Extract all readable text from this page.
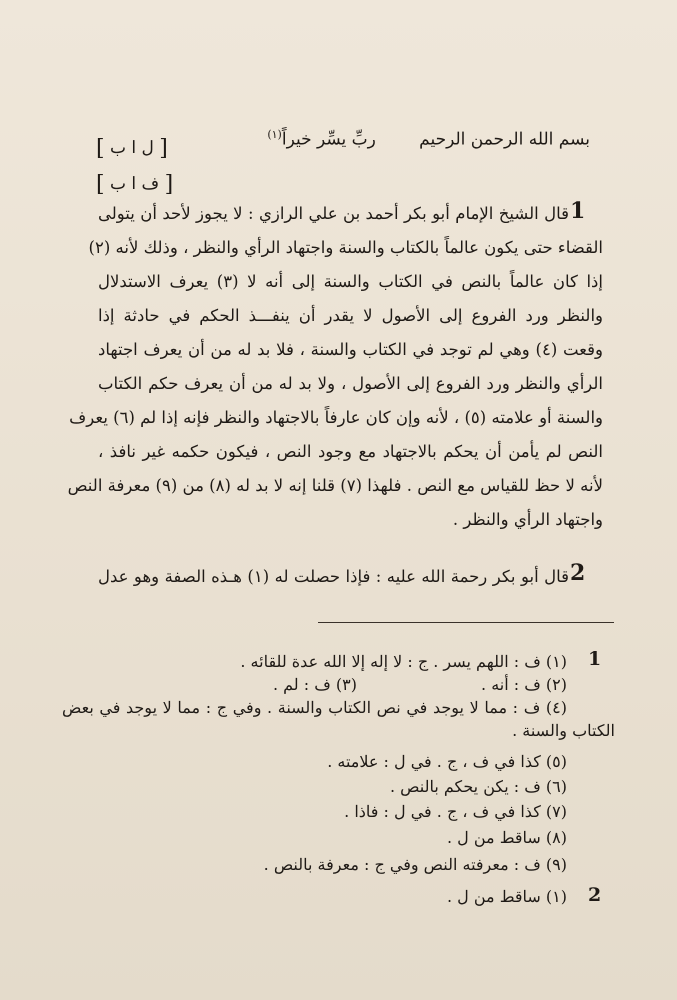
بسم الله الرحمن الرحيم        ربِّ يسِّر خيراً$^{(١)}$
[ ل ا ب ]
[ ف ا ب ]
1
قال الشيخ الإمام أبو بكر أحمد بن علي الرازي : لا يجوز لأحد أن يتولى
القضاء حتى يكون عالماً بالكتاب والسنة واجتهاد الرأي والنظر ، وذلك لأنه (٢)
إذا كان عالماً بالنص في الكتاب والسنة إلى أنه لا (٣) يعرف الاستدلال
والنظر ورد الفروع إلى الأصول لا يقدر أن ينفـــذ الحكم في حادثة إذا
وقعت (٤) وهي لم توجد في الكتاب والسنة ، فلا بد له من أن يعرف اجتهاد
الرأي والنظر ورد الفروع إلى الأصول ، ولا بد له من أن يعرف حكم الكتاب
والسنة أو علامته (٥) ، لأنه وإن كان عارفاً بالاجتهاد والنظر فإنه إذا لم (٦) يعرف
النص لم يأمن أن يحكم بالاجتهاد مع وجود النص ، فيكون حكمه غير نافذ ،
لأنه لا حظ للقياس مع النص . فلهذا (٧) قلنا إنه لا بد له (٨) من (٩) معرفة النص
واجتهاد الرأي والنظر .
2
قال أبو بكر رحمة الله عليه : فإذا حصلت له (١) هـذه الصفة وهو عدل
1
2
(١) ف : اللهم يسر . ج : لا إله إلا الله عدة للقائه .
(٢) ف : أنه .
(٣) ف : لم .
(٤) ف : مما لا يوجد في نص الكتاب والسنة . وفي ج : مما لا يوجد في بعض
الكتاب والسنة .
(٥) كذا في ف ، ج . في ل : علامته .
(٦) ف : يكن يحكم بالنص .
(٧) كذا في ف ، ج . في ل : فاذا .
(٨) ساقط من ل .
(٩) ف : معرفته النص وفي ج : معرفة بالنص .
(١) ساقط من ل .
